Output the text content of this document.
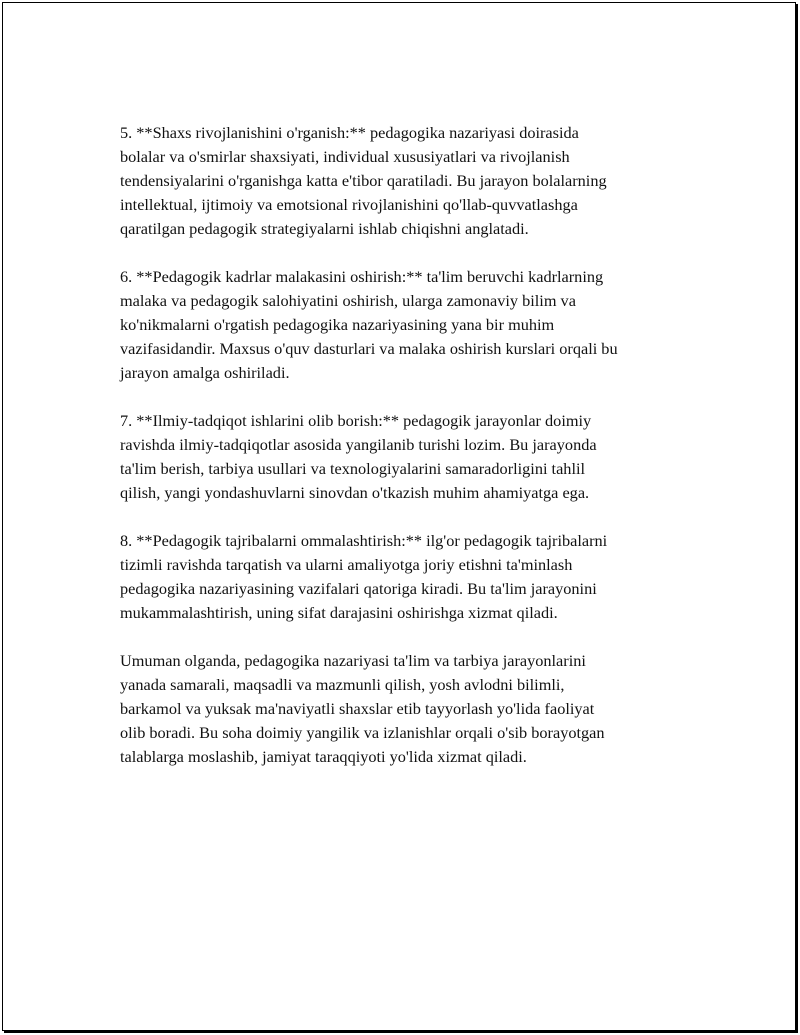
5. **Shaxs rivojlanishini o'rganish:** pedagogika nazariyasi doirasida
bolalar va o'smirlar shaxsiyati, individual xususiyatlari va rivojlanish
tendensiyalarini o'rganishga katta e'tibor qaratiladi. Bu jarayon bolalarning
intellektual, ijtimoiy va emotsional rivojlanishini qo'llab-quvvatlashga
qaratilgan pedagogik strategiyalarni ishlab chiqishni anglatadi.

6. **Pedagogik kadrlar malakasini oshirish:** ta'lim beruvchi kadrlarning
malaka va pedagogik salohiyatini oshirish, ularga zamonaviy bilim va
ko'nikmalarni o'rgatish pedagogika nazariyasining yana bir muhim
vazifasidandir. Maxsus o'quv dasturlari va malaka oshirish kurslari orqali bu
jarayon amalga oshiriladi.

7. **Ilmiy-tadqiqot ishlarini olib borish:** pedagogik jarayonlar doimiy
ravishda ilmiy-tadqiqotlar asosida yangilanib turishi lozim. Bu jarayonda
ta'lim berish, tarbiya usullari va texnologiyalarini samaradorligini tahlil
qilish, yangi yondashuvlarni sinovdan o'tkazish muhim ahamiyatga ega.

8. **Pedagogik tajribalarni ommalashtirish:** ilg'or pedagogik tajribalarni
tizimli ravishda tarqatish va ularni amaliyotga joriy etishni ta'minlash
pedagogika nazariyasining vazifalari qatoriga kiradi. Bu ta'lim jarayonini
mukammalashtirish, uning sifat darajasini oshirishga xizmat qiladi.

Umuman olganda, pedagogika nazariyasi ta'lim va tarbiya jarayonlarini
yanada samarali, maqsadli va mazmunli qilish, yosh avlodni bilimli,
barkamol va yuksak ma'naviyatli shaxslar etib tayyorlash yo'lida faoliyat
olib boradi. Bu soha doimiy yangilik va izlanishlar orqali o'sib borayotgan
talablarga moslashib, jamiyat taraqqiyoti yo'lida xizmat qiladi.
